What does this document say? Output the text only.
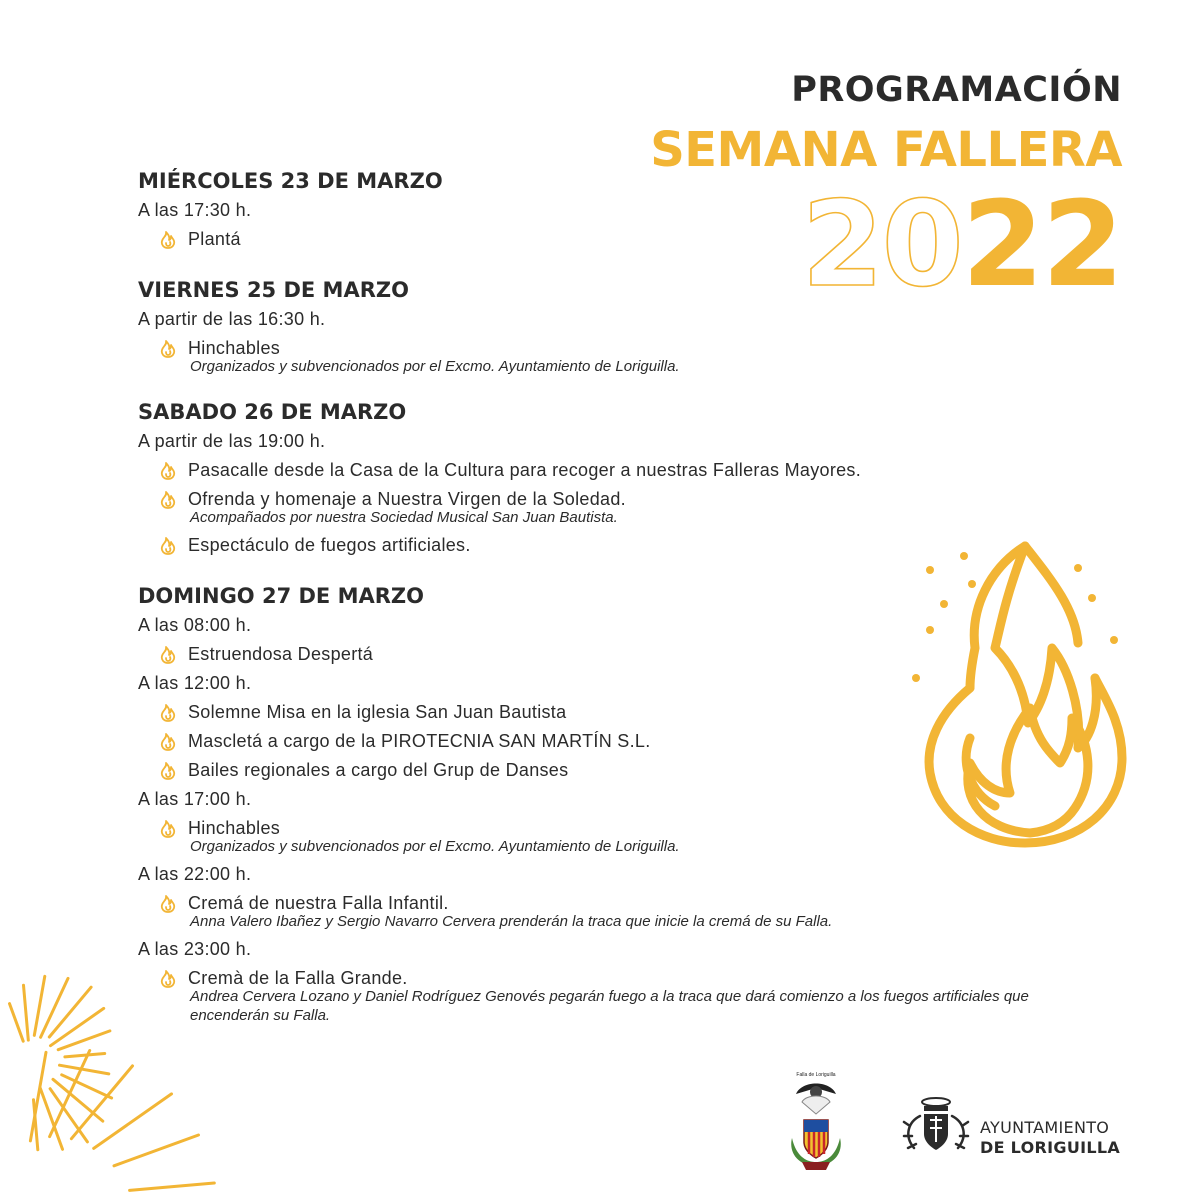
PROGRAMACIÓN
SEMANA FALLERA
2022
MIÉRCOLES 23 DE MARZO
A las 17:30 h.
Plantá
VIERNES 25 DE MARZO
A partir de las 16:30 h.
Hinchables
Organizados y subvencionados por el Excmo. Ayuntamiento de Loriguilla.
SABADO 26 DE MARZO
A partir de las 19:00 h.
Pasacalle desde la Casa de la Cultura para recoger a nuestras Falleras Mayores.
Ofrenda y homenaje a Nuestra Virgen de la Soledad.
Acompañados por nuestra Sociedad Musical San Juan Bautista.
Espectáculo de fuegos artificiales.
DOMINGO 27 DE MARZO
A las 08:00 h.
Estruendosa Despertá
A las 12:00 h.
Solemne Misa en la iglesia San Juan Bautista
Mascletá a cargo de la PIROTECNIA SAN MARTÍN S.L.
Bailes regionales a cargo del Grup de Danses
A las 17:00 h.
Hinchables
Organizados y subvencionados por el Excmo. Ayuntamiento de Loriguilla.
A las 22:00 h.
Cremá de nuestra Falla Infantil.
Anna Valero Ibañez y Sergio Navarro Cervera prenderán la traca que inicie la cremá de su Falla.
A las 23:00 h.
Cremà de la Falla Grande.
Andrea Cervera Lozano y Daniel Rodríguez Genovés pegarán fuego a la traca que dará comienzo a los fuegos artificiales que encenderán su Falla.
Falla de Loriguilla
AYUNTAMIENTO
DE LORIGUILLA
